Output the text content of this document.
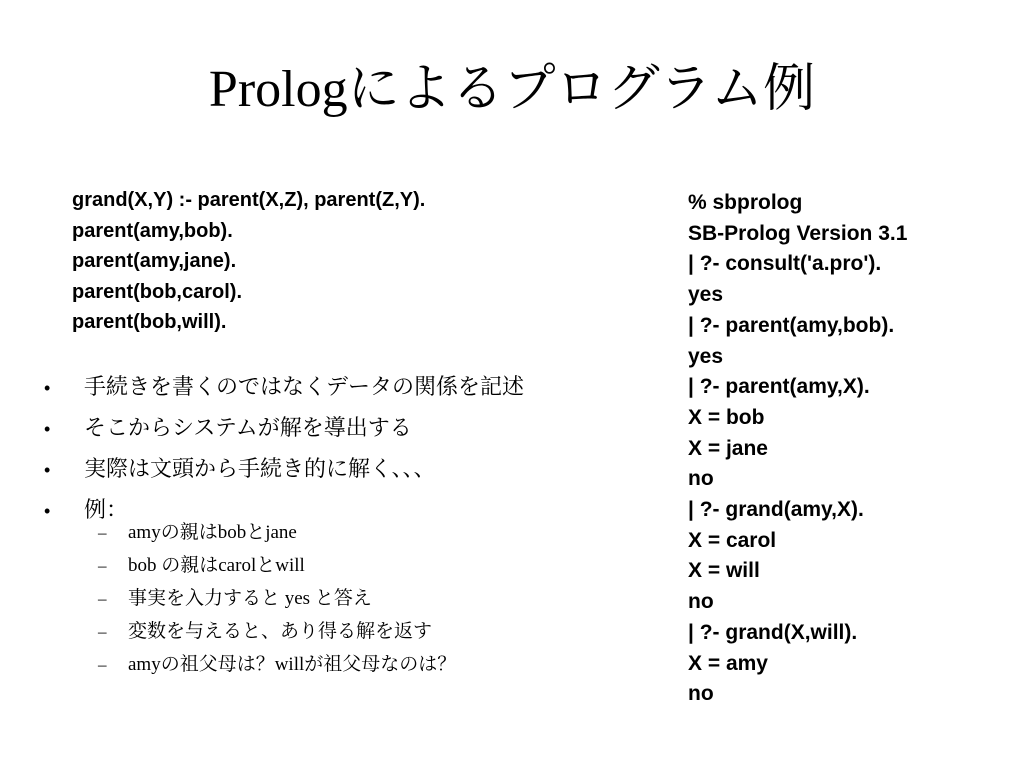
Prologによるプログラム例
grand(X,Y) :- parent(X,Z), parent(Z,Y).
parent(amy,bob).
parent(amy,jane).
parent(bob,carol).
parent(bob,will).
• 手続きを書くのではなくデータの関係を記述
• そこからシステムが解を導出する
• 実際は文頭から手続き的に解く、、、
• 例：
– amyの親はbobとjane
– bob の親はcarolとwill
– 事実を入力すると yes と答え
– 変数を与えると、あり得る解を返す
– amyの祖父母は？willが祖父母なのは？
% sbprolog
SB-Prolog Version 3.1
| ?- consult('a.pro').
yes
| ?- parent(amy,bob).
yes
| ?- parent(amy,X).
X = bob
X = jane
no
| ?- grand(amy,X).
X = carol
X = will
no
| ?- grand(X,will).
X = amy
no
